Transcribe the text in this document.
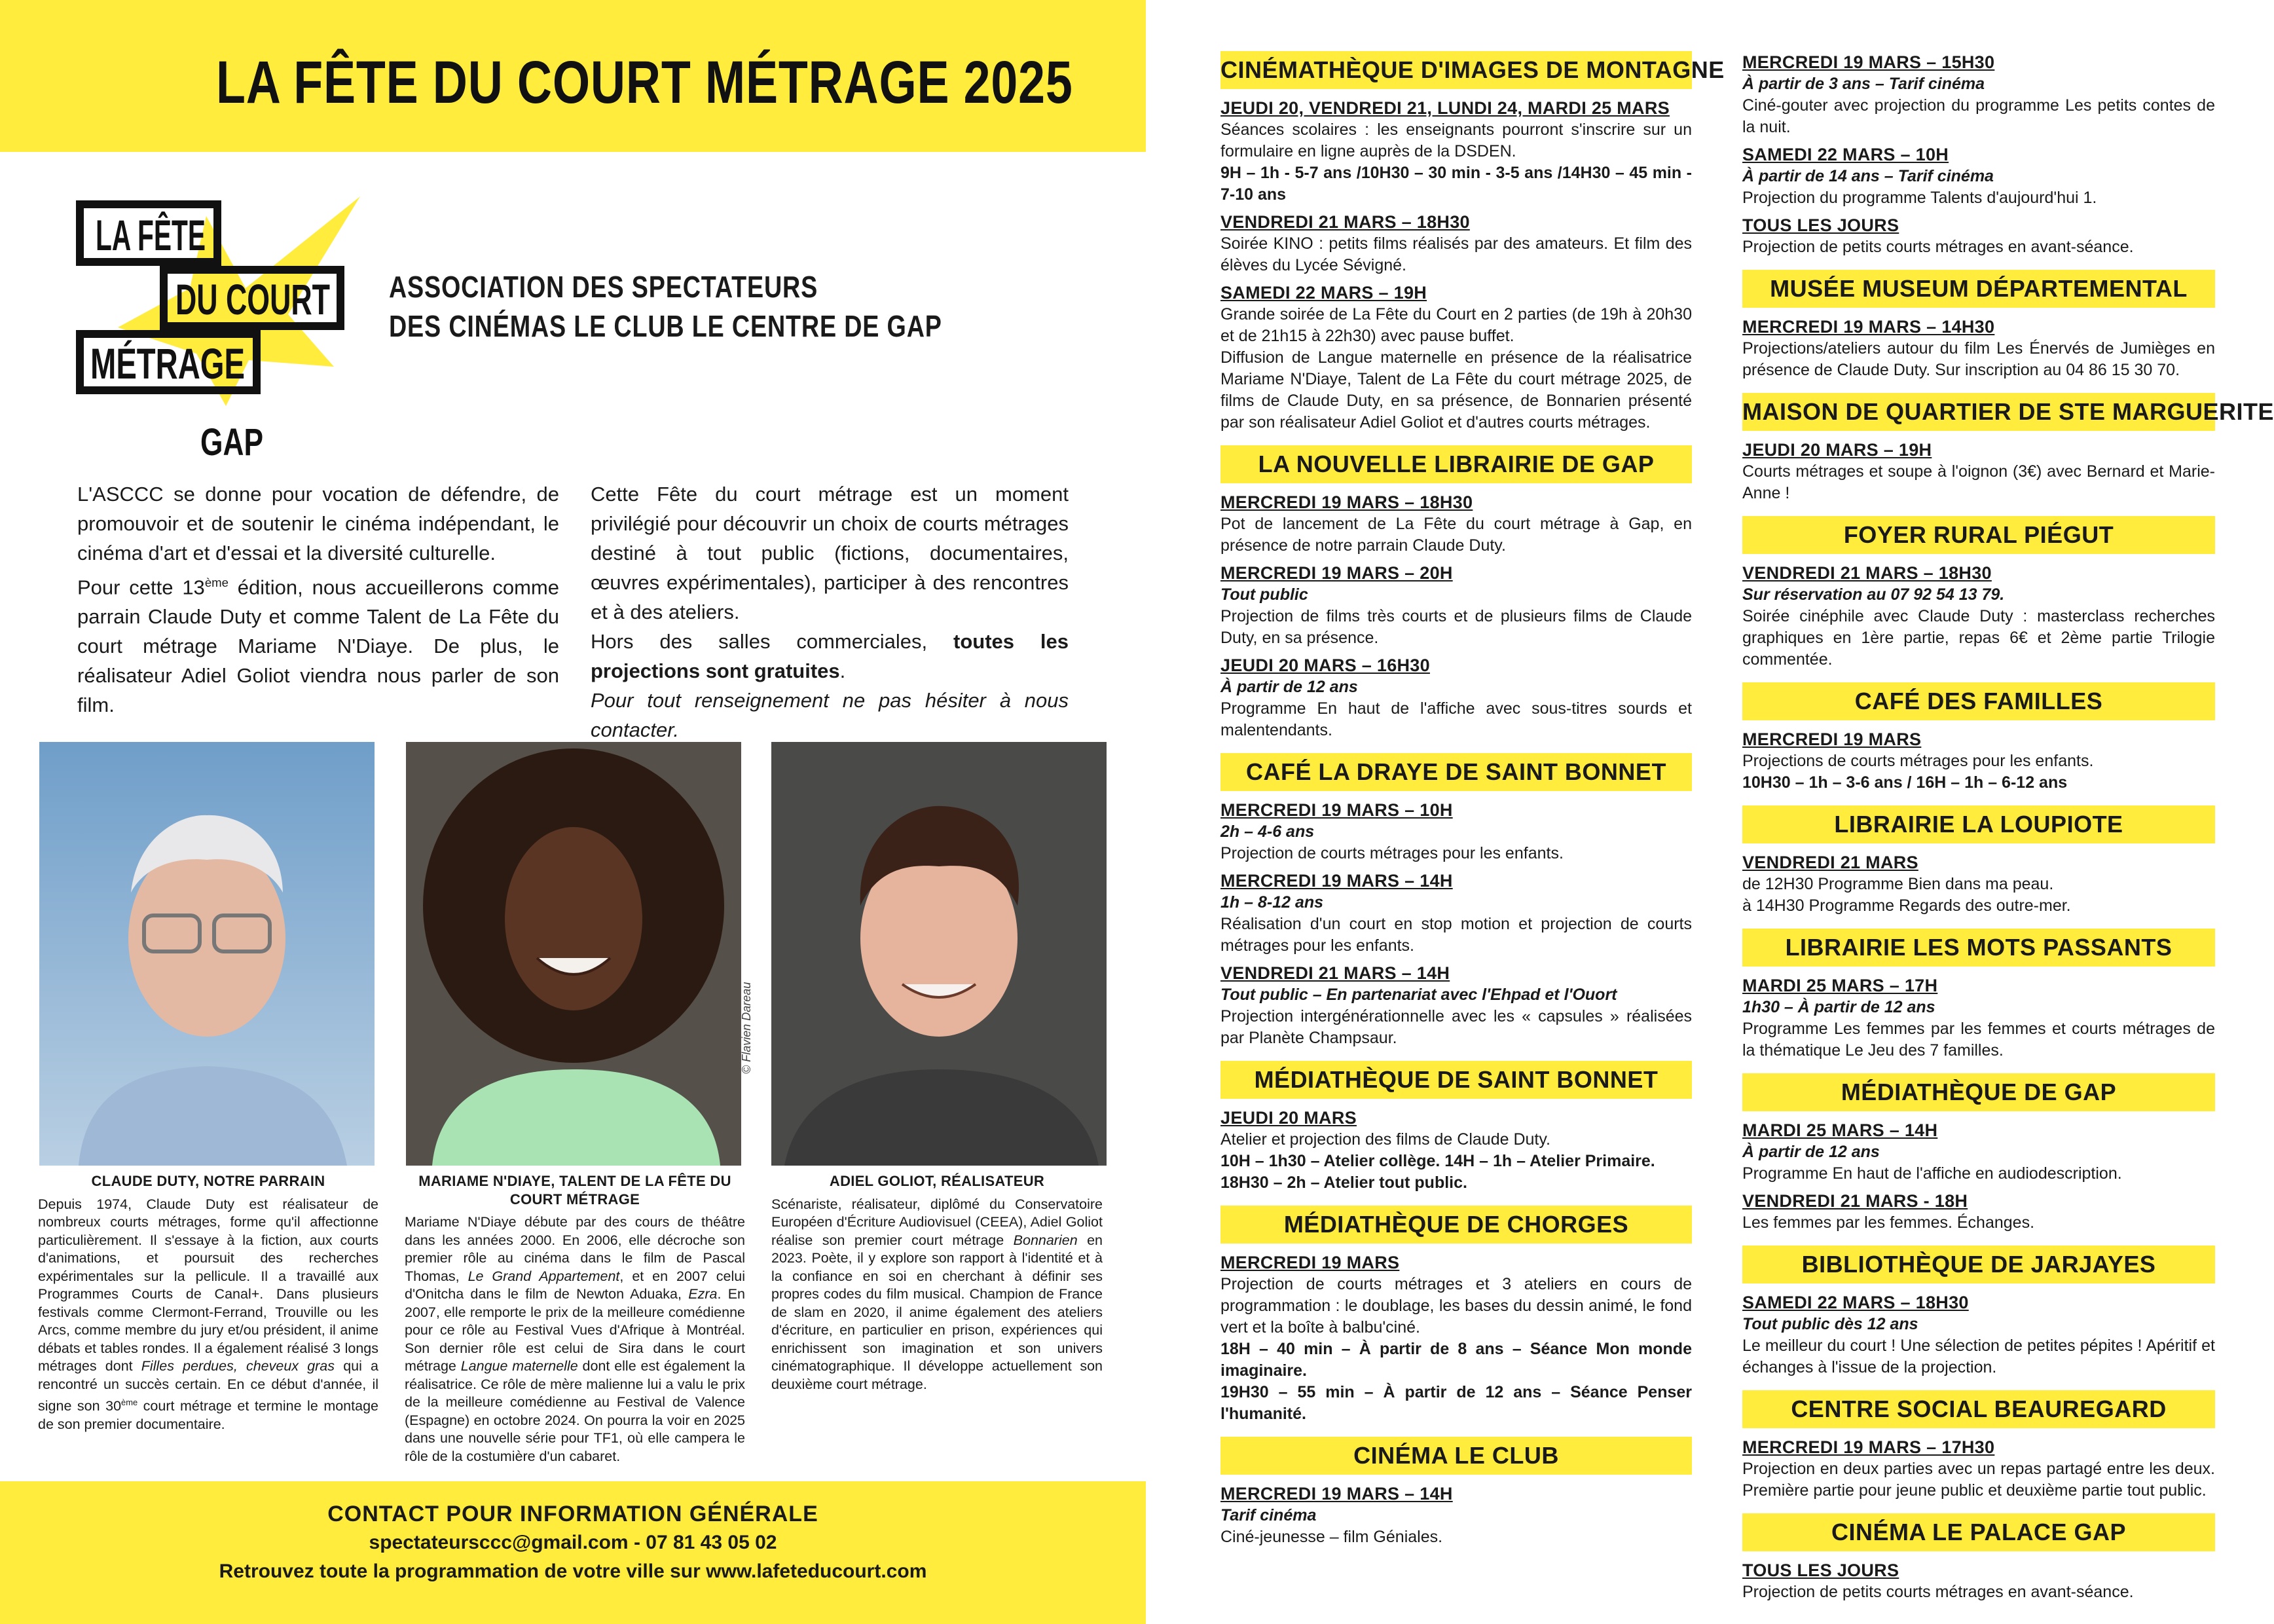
LA FÊTE DU COURT MÉTRAGE 2025
LA FÊTE
DU COURT
MÉTRAGE
GAP
ASSOCIATION DES SPECTATEURS
DES CINÉMAS LE CLUB LE CENTRE DE GAP

L'ASCCC se donne pour vocation de défendre, de promouvoir et de soutenir le cinéma indépendant, le cinéma d'art et d'essai et la diversité culturelle.

Pour cette 13ème édition, nous accueillerons comme parrain Claude Duty et comme Talent de La Fête du court métrage Mariame N'Diaye. De plus, le réalisateur Adiel Goliot viendra nous parler de son film.

Cette Fête du court métrage est un moment privilégié pour découvrir un choix de courts métrages destiné à tout public (fictions, documentaires, œuvres expérimentales), participer à des rencontres et à des ateliers.

Hors des salles commerciales, toutes les projections sont gratuites.

Pour tout renseignement ne pas hésiter à nous contacter.

© Flavien Dareau
CLAUDE DUTY, NOTRE PARRAIN
Depuis 1974, Claude Duty est réalisateur de nombreux courts métrages, forme qu'il affectionne particulièrement. Il s'essaye à la fiction, aux courts d'animations, et poursuit des recherches expérimentales sur la pellicule. Il a travaillé aux Programmes Courts de Canal+. Dans plusieurs festivals comme Clermont-Ferrand, Trouville ou les Arcs, comme membre du jury et/ou président, il anime débats et tables rondes. Il a également réalisé 3 longs métrages dont Filles perdues, cheveux gras qui a rencontré un succès certain. En ce début d'année, il signe son 30ème court métrage et termine le montage de son premier documentaire.
MARIAME N'DIAYE, TALENT DE LA FÊTE DU COURT MÉTRAGE
Mariame N'Diaye débute par des cours de théâtre dans les années 2000. En 2006, elle décroche son premier rôle au cinéma dans le film de Pascal Thomas, Le Grand Appartement, et en 2007 celui d'Onitcha dans le film de Newton Aduaka, Ezra. En 2007, elle remporte le prix de la meilleure comédienne pour ce rôle au Festival Vues d'Afrique à Montréal. Son dernier rôle est celui de Sira dans le court métrage Langue maternelle dont elle est également la réalisatrice. Ce rôle de mère malienne lui a valu le prix de la meilleure comédienne au Festival de Valence (Espagne) en octobre 2024. On pourra la voir en 2025 dans une nouvelle série pour TF1, où elle campera le rôle de la costumière d'un cabaret.
ADIEL GOLIOT, RÉALISATEUR
Scénariste, réalisateur, diplômé du Conservatoire Européen d'Écriture Audiovisuel (CEEA), Adiel Goliot réalise son premier court métrage Bonnarien en 2023. Poète, il y explore son rapport à l'identité et à la confiance en soi en cherchant à définir ses propres codes du film musical. Champion de France de slam en 2020, il anime également des ateliers d'écriture, en particulier en prison, expériences qui enrichissent son imagination et son univers cinématographique. Il développe actuellement son deuxième court métrage.
CONTACT POUR INFORMATION GÉNÉRALE
spectateursccc@gmail.com - 07 81 43 05 02
Retrouvez toute la programmation de votre ville sur www.lafeteducourt.com
CINÉMATHÈQUE D'IMAGES DE MONTAGNE
JEUDI 20, VENDREDI 21, LUNDI 24, MARDI 25 MARS
Séances scolaires : les enseignants pourront s'inscrire sur un formulaire en ligne auprès de la DSDEN.
9H – 1h - 5-7 ans /10H30 – 30 min - 3-5 ans /14H30 – 45 min - 7-10 ans
VENDREDI 21 MARS – 18H30
Soirée KINO : petits films réalisés par des amateurs. Et film des élèves du Lycée Sévigné.
SAMEDI 22 MARS – 19H
Grande soirée de La Fête du Court en 2 parties (de 19h à 20h30 et de 21h15 à 22h30) avec pause buffet.
Diffusion de Langue maternelle en présence de la réalisatrice Mariame N'Diaye, Talent de La Fête du court métrage 2025, de films de Claude Duty, en sa présence, de Bonnarien présenté par son réalisateur Adiel Goliot et d'autres courts métrages.
LA NOUVELLE LIBRAIRIE DE GAP
MERCREDI 19 MARS – 18H30
Pot de lancement de La Fête du court métrage à Gap, en présence de notre parrain Claude Duty.
MERCREDI 19 MARS – 20H
Tout public
Projection de films très courts et de plusieurs films de Claude Duty, en sa présence.
JEUDI 20 MARS – 16H30
À partir de 12 ans
Programme En haut de l'affiche avec sous-titres sourds et malentendants.
CAFÉ LA DRAYE DE SAINT BONNET
MERCREDI 19 MARS – 10H
2h – 4-6 ans
Projection de courts métrages pour les enfants.
MERCREDI 19 MARS – 14H
1h – 8-12 ans
Réalisation d'un court en stop motion et projection de courts métrages pour les enfants.
VENDREDI 21 MARS – 14H
Tout public – En partenariat avec l'Ehpad et l'Ouort
Projection intergénérationnelle avec les « capsules » réalisées par Planète Champsaur.
MÉDIATHÈQUE DE SAINT BONNET
JEUDI 20 MARS
Atelier et projection des films de Claude Duty.
10H – 1h30 – Atelier collège. 14H – 1h – Atelier Primaire.
18H30 – 2h – Atelier tout public.
MÉDIATHÈQUE DE CHORGES
MERCREDI 19 MARS
Projection de courts métrages et 3 ateliers en cours de programmation : le doublage, les bases du dessin animé, le fond vert et la boîte à balbu'ciné.
18H – 40 min – À partir de 8 ans – Séance Mon monde imaginaire.
19H30 – 55 min – À partir de 12 ans – Séance Penser l'humanité.
CINÉMA LE CLUB
MERCREDI 19 MARS – 14H
Tarif cinéma
Ciné-jeunesse – film Géniales.
MERCREDI 19 MARS – 15H30
À partir de 3 ans – Tarif cinéma
Ciné-gouter avec projection du programme Les petits contes de la nuit.
SAMEDI 22 MARS – 10H
À partir de 14 ans – Tarif cinéma
Projection du programme Talents d'aujourd'hui 1.
TOUS LES JOURS
Projection de petits courts métrages en avant-séance.
MUSÉE MUSEUM DÉPARTEMENTAL
MERCREDI 19 MARS – 14H30
Projections/ateliers autour du film Les Énervés de Jumièges en présence de Claude Duty. Sur inscription au 04 86 15 30 70.
MAISON DE QUARTIER DE STE MARGUERITE
JEUDI 20 MARS – 19H
Courts métrages et soupe à l'oignon (3€) avec Bernard et Marie-Anne !
FOYER RURAL PIÉGUT
VENDREDI 21 MARS – 18H30
Sur réservation au 07 92 54 13 79.
Soirée cinéphile avec Claude Duty : masterclass recherches graphiques en 1ère partie, repas 6€ et 2ème partie Trilogie commentée.
CAFÉ DES FAMILLES
MERCREDI 19 MARS
Projections de courts métrages pour les enfants.
10H30 – 1h – 3-6 ans / 16H – 1h – 6-12 ans
LIBRAIRIE LA LOUPIOTE
VENDREDI 21 MARS
de 12H30 Programme Bien dans ma peau.
à 14H30 Programme Regards des outre-mer.
LIBRAIRIE LES MOTS PASSANTS
MARDI 25 MARS – 17H
1h30 – À partir de 12 ans
Programme Les femmes par les femmes et courts métrages de la thématique Le Jeu des 7 familles.
MÉDIATHÈQUE DE GAP
MARDI 25 MARS – 14H
À partir de 12 ans
Programme En haut de l'affiche en audiodescription.
VENDREDI 21 MARS - 18H
Les femmes par les femmes. Échanges.
BIBLIOTHÈQUE DE JARJAYES
SAMEDI 22 MARS – 18H30
Tout public dès 12 ans
Le meilleur du court ! Une sélection de petites pépites ! Apéritif et échanges à l'issue de la projection.
CENTRE SOCIAL BEAUREGARD
MERCREDI 19 MARS – 17H30
Projection en deux parties avec un repas partagé entre les deux. Première partie pour jeune public et deuxième partie tout public.
CINÉMA LE PALACE GAP
TOUS LES JOURS
Projection de petits courts métrages en avant-séance.
